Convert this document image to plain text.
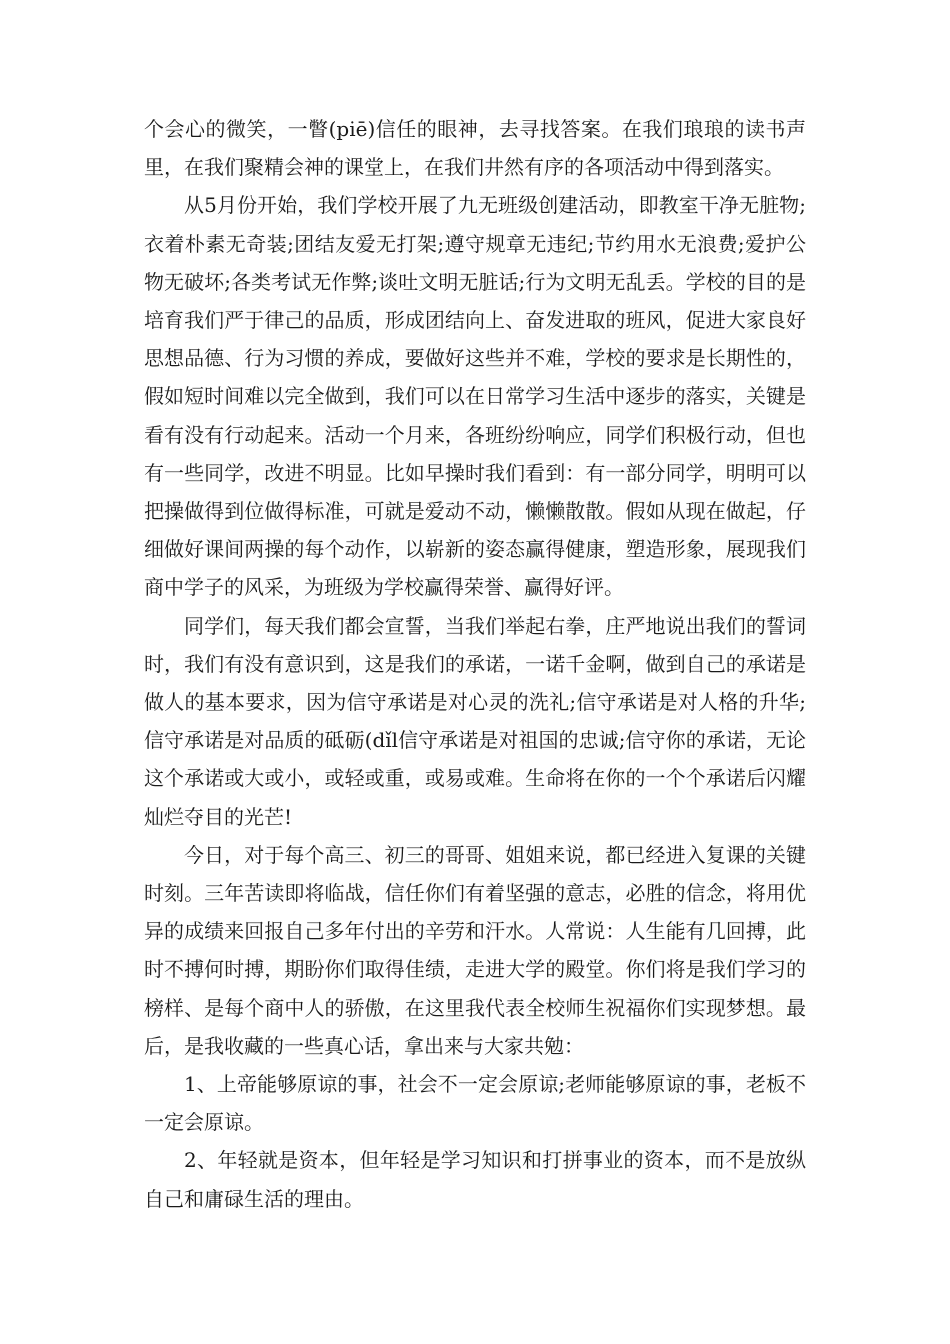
个会心的微笑，一瞥(piē)信任的眼神，去寻找答案。在我们琅琅的读书声里，在我们聚精会神的课堂上，在我们井然有序的各项活动中得到落实。

从5月份开始，我们学校开展了九无班级创建活动，即教室干净无脏物;衣着朴素无奇装;团结友爱无打架;遵守规章无违纪;节约用水无浪费;爱护公物无破坏;各类考试无作弊;谈吐文明无脏话;行为文明无乱丢。学校的目的是培育我们严于律己的品质，形成团结向上、奋发进取的班风，促进大家良好思想品德、行为习惯的养成，要做好这些并不难，学校的要求是长期性的，假如短时间难以完全做到，我们可以在日常学习生活中逐步的落实，关键是看有没有行动起来。活动一个月来，各班纷纷响应，同学们积极行动，但也有一些同学，改进不明显。比如早操时我们看到：有一部分同学，明明可以把操做得到位做得标准，可就是爱动不动，懒懒散散。假如从现在做起，仔细做好课间两操的每个动作，以崭新的姿态赢得健康，塑造形象，展现我们商中学子的风采，为班级为学校赢得荣誉、赢得好评。

同学们，每天我们都会宣誓，当我们举起右拳，庄严地说出我们的誓词时，我们有没有意识到，这是我们的承诺，一诺千金啊，做到自己的承诺是做人的基本要求，因为信守承诺是对心灵的洗礼;信守承诺是对人格的升华;信守承诺是对品质的砥砺(dǐl信守承诺是对祖国的忠诚;信守你的承诺，无论这个承诺或大或小，或轻或重，或易或难。生命将在你的一个个承诺后闪耀灿烂夺目的光芒!

今日，对于每个高三、初三的哥哥、姐姐来说，都已经进入复课的关键时刻。三年苦读即将临战，信任你们有着坚强的意志，必胜的信念，将用优异的成绩来回报自己多年付出的辛劳和汗水。人常说：人生能有几回搏，此时不搏何时搏，期盼你们取得佳绩，走进大学的殿堂。你们将是我们学习的榜样、是每个商中人的骄傲，在这里我代表全校师生祝福你们实现梦想。最后，是我收藏的一些真心话，拿出来与大家共勉：

1、上帝能够原谅的事，社会不一定会原谅;老师能够原谅的事，老板不一定会原谅。

2、年轻就是资本，但年轻是学习知识和打拼事业的资本，而不是放纵自己和庸碌生活的理由。
